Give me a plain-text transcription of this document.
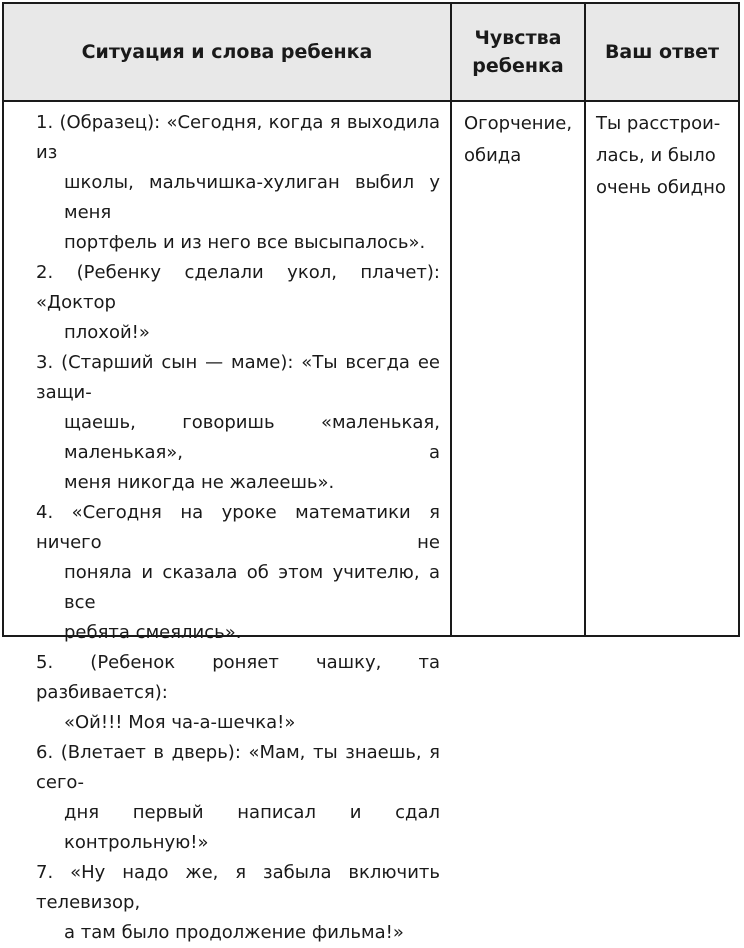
Ситуация и слова ребенка
Чувства
ребенка
Ваш ответ
1. (Образец): «Сегодня, когда я выходила из
школы, мальчишка-хулиган выбил у меня
портфель и из него все высыпалось».
2. (Ребенку сделали укол, плачет): «Доктор
плохой!»
3. (Старший сын — маме): «Ты всегда ее защи-
щаешь, говоришь «маленькая, маленькая», а
меня никогда не жалеешь».
4. «Сегодня на уроке математики я ничего не
поняла и сказала об этом учителю, а все
ребята смеялись».
5. (Ребенок роняет чашку, та разбивается):
«Ой!!! Моя ча-а-шечка!»
6. (Влетает в дверь): «Мам, ты знаешь, я сего-
дня первый написал и сдал контрольную!»
7. «Ну надо же, я забыла включить телевизор,
а там было продолжение фильма!»
Огорчение,
обида
Ты расстрои-
лась, и было
очень обидно
